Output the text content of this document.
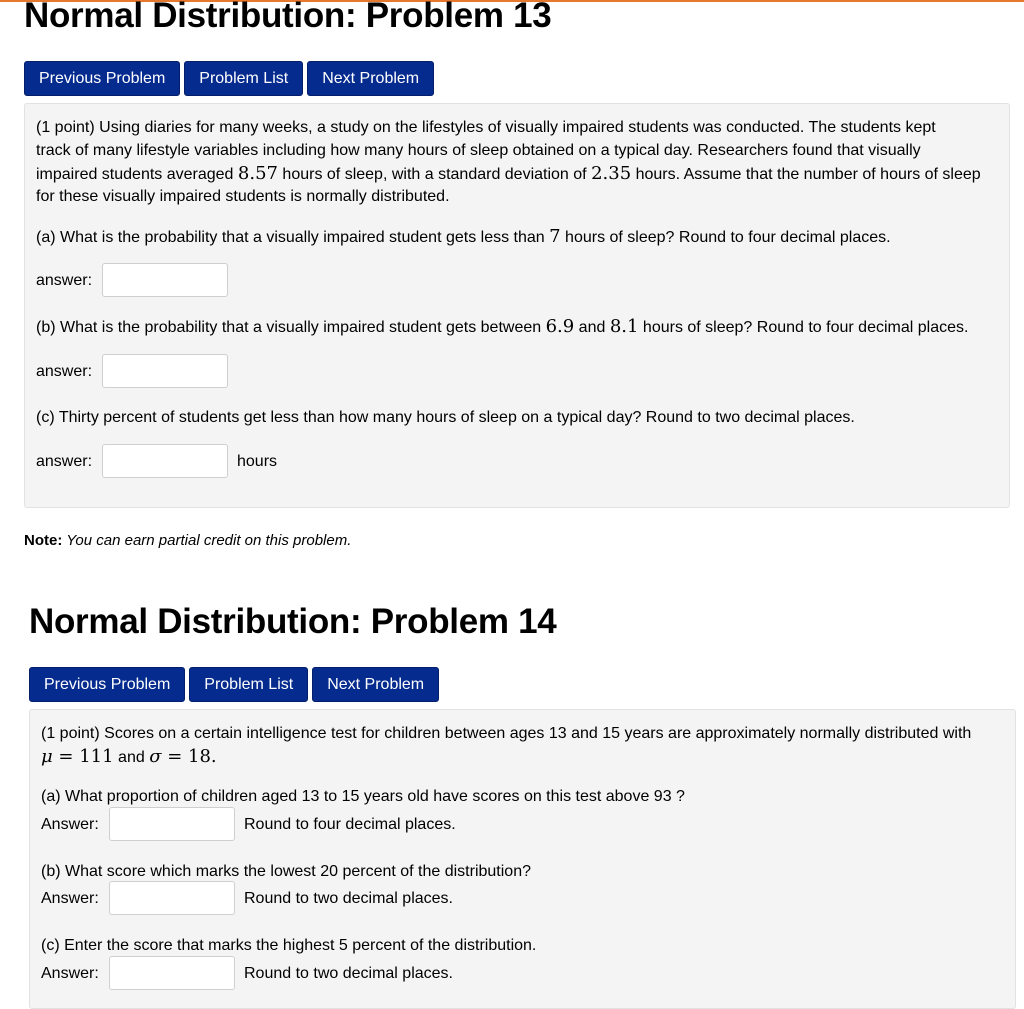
Normal Distribution: Problem 13
Previous Problem	Problem List	Next Problem

(1 point) Using diaries for many weeks, a study on the lifestyles of visually impaired students was conducted. The students kept

track of many lifestyle variables including how many hours of sleep obtained on a typical day. Researchers found that visually

impaired students averaged 8.57 hours of sleep, with a standard deviation of 2.35 hours. Assume that the number of hours of sleep

for these visually impaired students is normally distributed.

(a) What is the probability that a visually impaired student gets less than 7 hours of sleep? Round to four decimal places.

answer:

(b) What is the probability that a visually impaired student gets between 6.9 and 8.1 hours of sleep? Round to four decimal places.

answer:

(c) Thirty percent of students get less than how many hours of sleep on a typical day? Round to two decimal places.

answer:	hours
Note: You can earn partial credit on this problem.
Normal Distribution: Problem 14
Previous Problem	Problem List	Next Problem

(1 point) Scores on a certain intelligence test for children between ages 13 and 15 years are approximately normally distributed with

μ = 111 and σ = 18.

(a) What proportion of children aged 13 to 15 years old have scores on this test above 93 ?

Answer:	Round to four decimal places.

(b) What score which marks the lowest 20 percent of the distribution?

Answer:	Round to two decimal places.

(c) Enter the score that marks the highest 5 percent of the distribution.

Answer:	Round to two decimal places.
